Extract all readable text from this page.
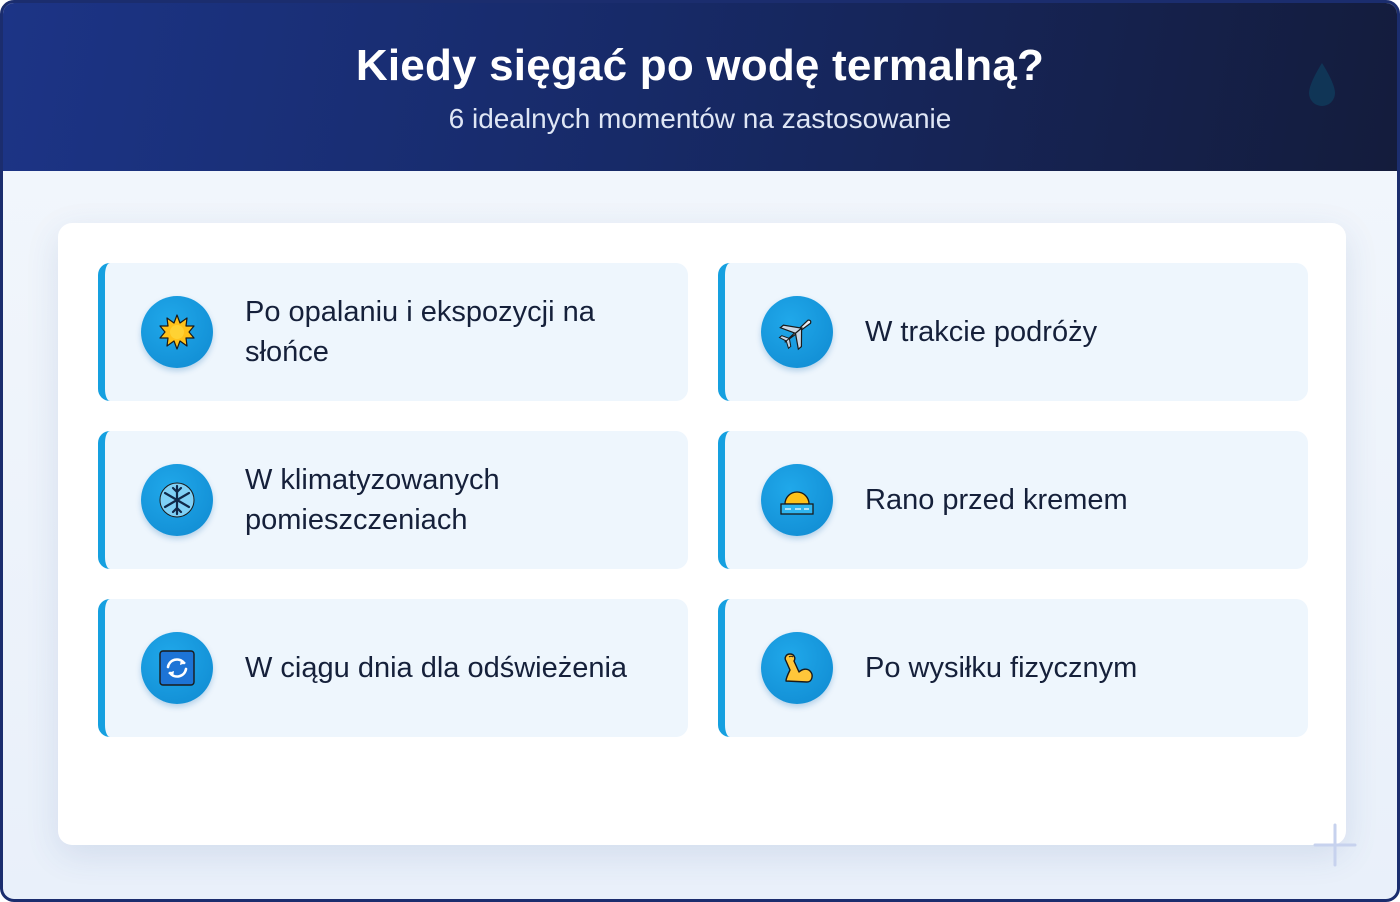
Kiedy sięgać po wodę termalną?
6 idealnych momentów na zastosowanie
Po opalaniu i ekspozycji na słońce
W trakcie podróży
W klimatyzowanych pomieszczeniach
Rano przed kremem
W ciągu dnia dla odświeżenia	Po wysiłku fizycznym
